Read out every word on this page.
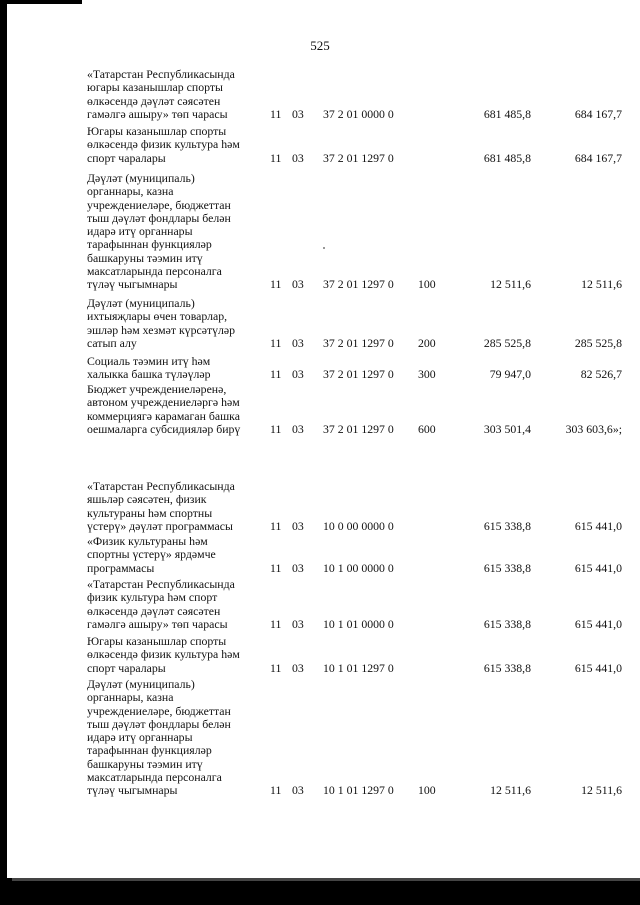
525
«Татарстан Республикасында
югары казанышлар спорты
өлкәсендә дәүләт сәясәтен
гамәлгә ашыру» төп чарасы	11 03 37 2 01 0000 0	681 485,8	684 167,7
Югары казанышлар спорты
өлкәсендә физик культура һәм
спорт чаралары	11 03 37 2 01 1297 0	681 485,8	684 167,7
Дәүләт (муниципаль)
органнары, казна
учреждениеләре, бюджеттан
тыш дәүләт фондлары белән
идарә итү органнары
тарафыннан функцияләр
башкаруны тәэмин итү
максатларында персоналга
түләү чыгымнары	11 03 37 2 01 1297 0 100	12 511,6	12 511,6
Дәүләт (муниципаль)
ихтыяҗлары өчен товарлар,
эшләр һәм хезмәт күрсәтүләр
сатып алу	11 03 37 2 01 1297 0 200	285 525,8	285 525,8
Социаль тәэмин итү һәм
халыкка башка түләүләр	11 03 37 2 01 1297 0 300	79 947,0	82 526,7
Бюджет учреждениеләренә,
автоном учреждениеләргә һәм
коммерциягә карамаган башка
оешмаларга субсидияләр бирү	11 03 37 2 01 1297 0 600	303 501,4	303 603,6»;
«Татарстан Республикасында
яшьләр сәясәтен, физик
культураны һәм спортны
үстерү» дәүләт программасы	11 03 10 0 00 0000 0	615 338,8	615 441,0
«Физик культураны һәм
спортны үстерү» ярдәмче
программасы	11 03 10 1 00 0000 0	615 338,8	615 441,0
«Татарстан Республикасында
физик культура һәм спорт
өлкәсендә дәүләт сәясәтен
гамәлгә ашыру» төп чарасы	11 03 10 1 01 0000 0	615 338,8	615 441,0
Югары казанышлар спорты
өлкәсендә физик культура һәм
спорт чаралары	11 03 10 1 01 1297 0	615 338,8	615 441,0
Дәүләт (муниципаль)
органнары, казна
учреждениеләре, бюджеттан
тыш дәүләт фондлары белән
идарә итү органнары
тарафыннан функцияләр
башкаруны тәэмин итү
максатларында персоналга
түләү чыгымнары	11 03 10 1 01 1297 0 100	12 511,6	12 511,6
